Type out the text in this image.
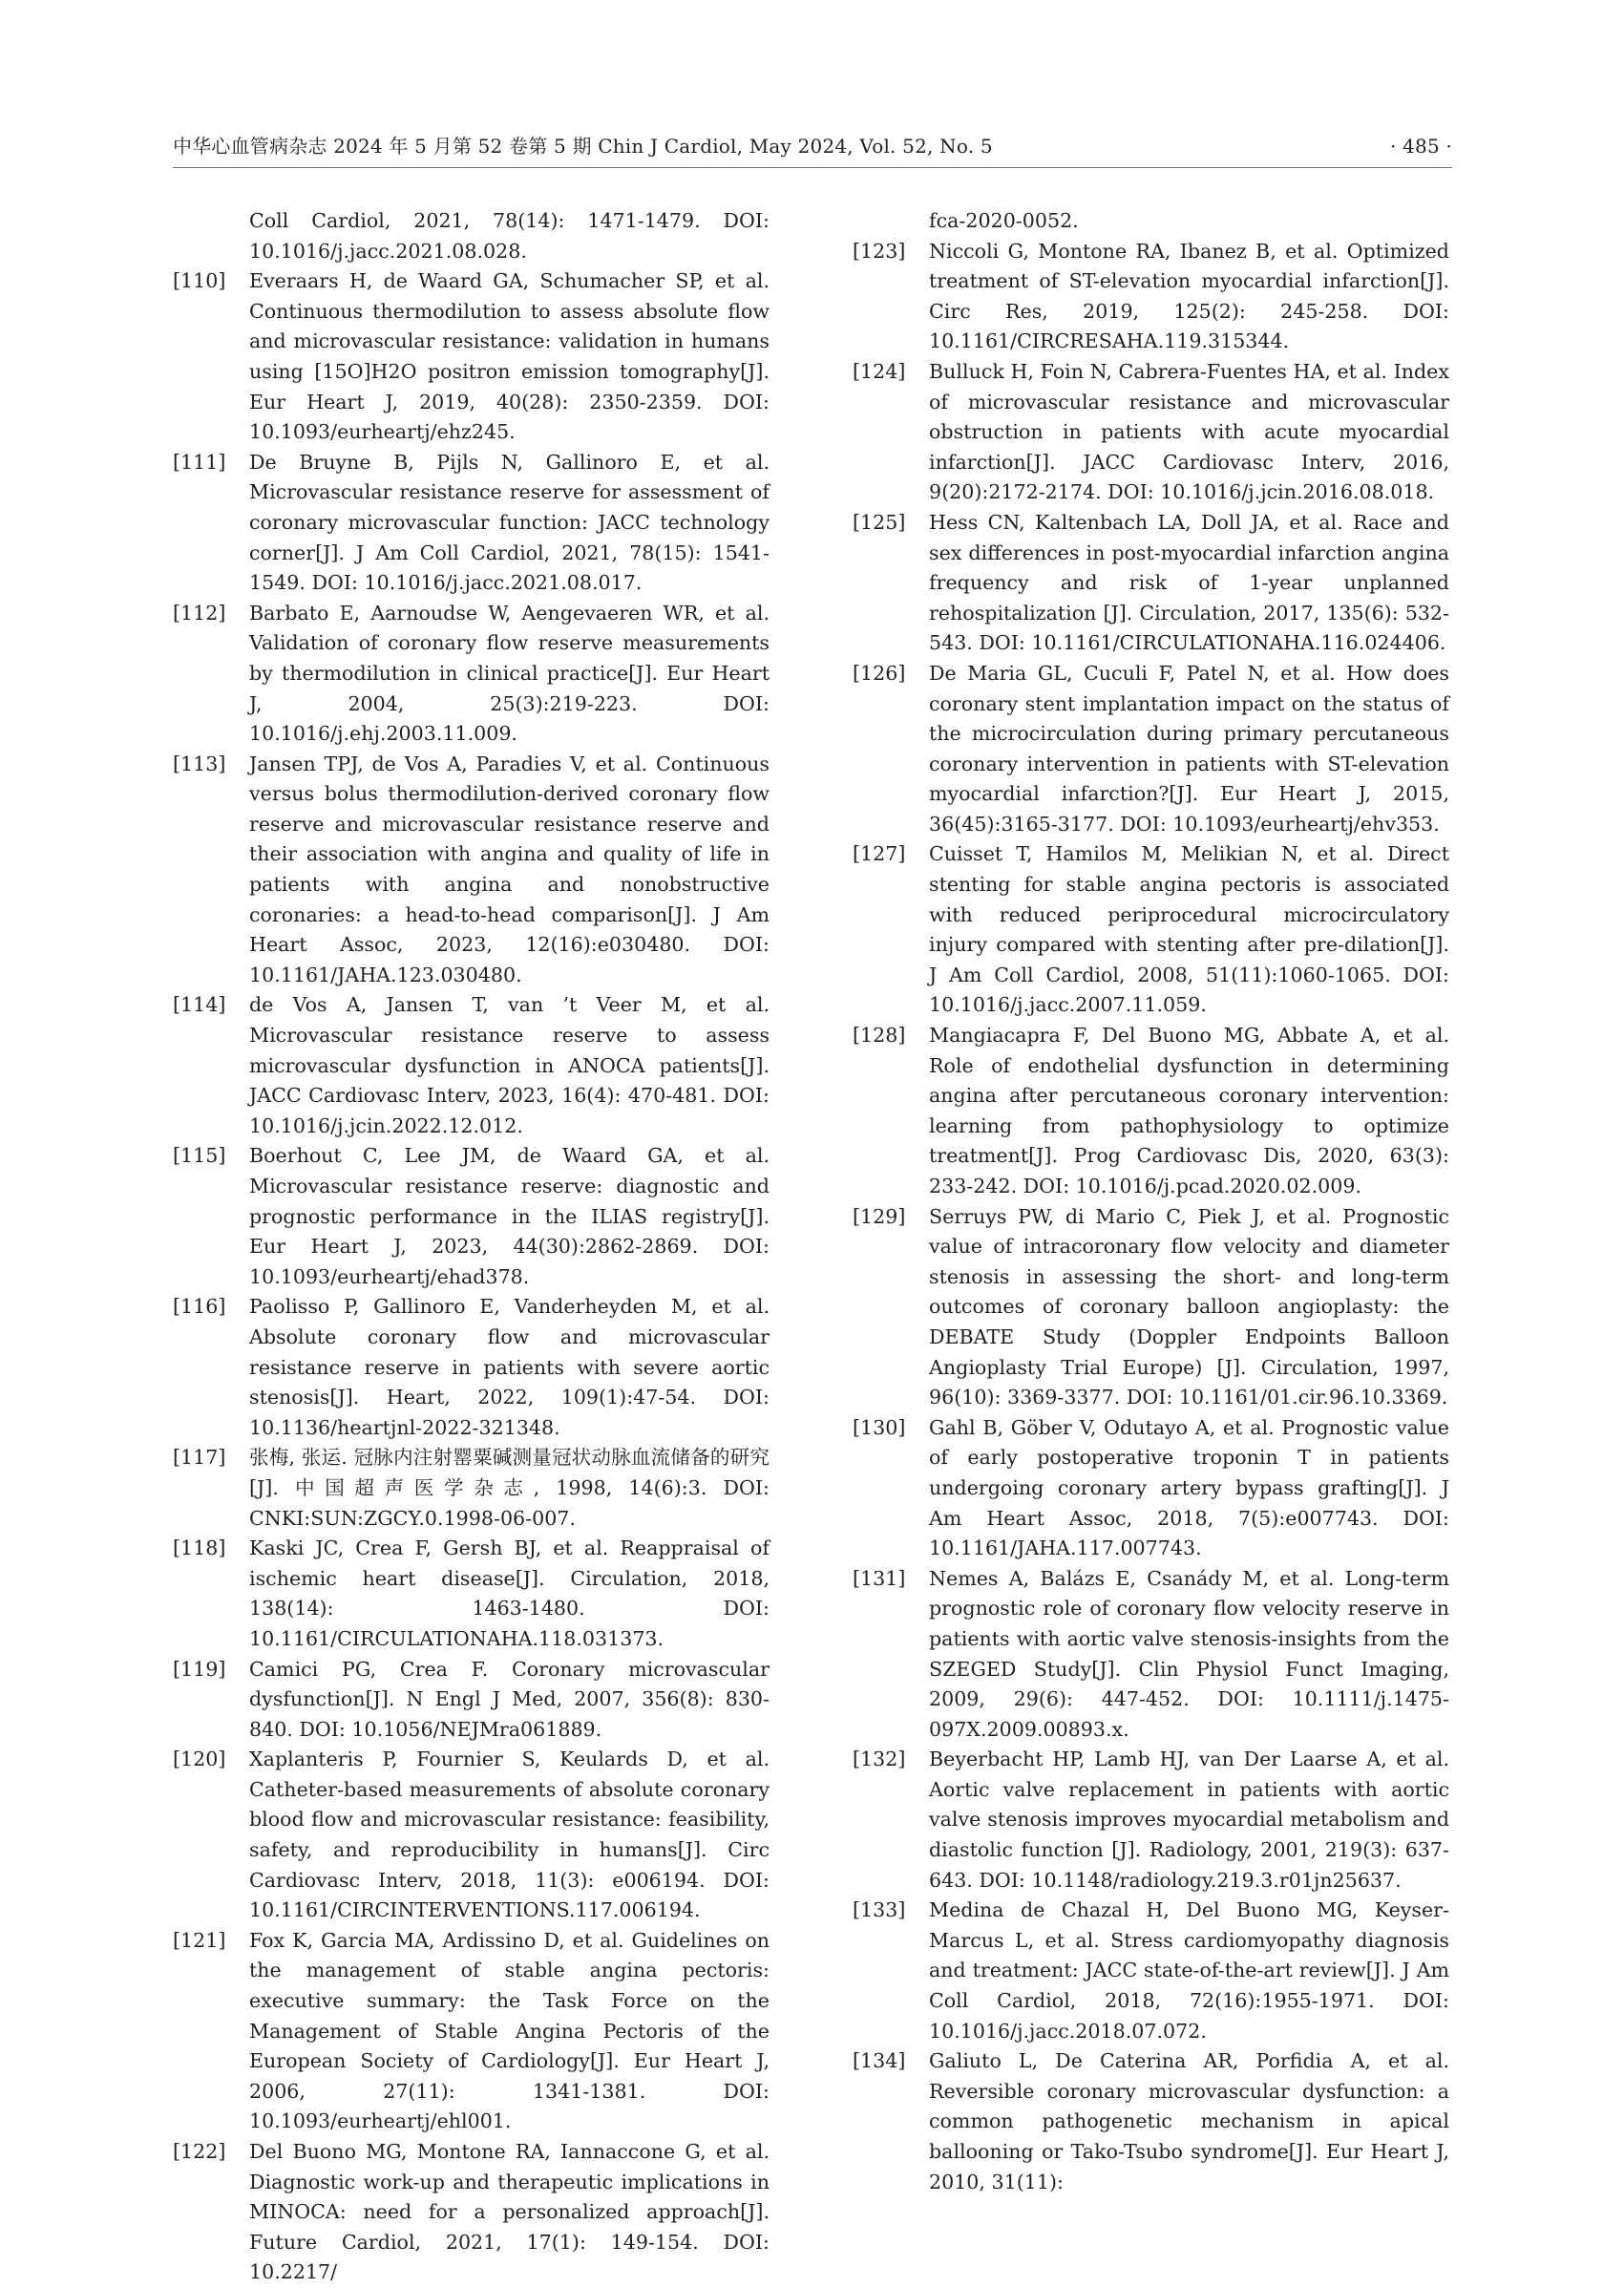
中华心血管病杂志 2024 年 5 月第 52 卷第 5 期 Chin J Cardiol, May 2024, Vol. 52, No. 5	· 485 ·
Coll Cardiol, 2021, 78(14): 1471-1479. DOI: 10.1016/j.jacc.2021.08.028.
[110] Everaars H, de Waard GA, Schumacher SP, et al. Continuous thermodilution to assess absolute flow and microvascular resistance: validation in humans using [15O]H2O positron emission tomography[J]. Eur Heart J, 2019, 40(28): 2350-2359. DOI: 10.1093/eurheartj/ehz245.
[111] De Bruyne B, Pijls N, Gallinoro E, et al. Microvascular resistance reserve for assessment of coronary microvascular function: JACC technology corner[J]. J Am Coll Cardiol, 2021, 78(15): 1541-1549. DOI: 10.1016/j.jacc.2021.08.017.
[112] Barbato E, Aarnoudse W, Aengevaeren WR, et al. Validation of coronary flow reserve measurements by thermodilution in clinical practice[J]. Eur Heart J, 2004, 25(3):219-223. DOI: 10.1016/j.ehj.2003.11.009.
[113] Jansen TPJ, de Vos A, Paradies V, et al. Continuous versus bolus thermodilution-derived coronary flow reserve and microvascular resistance reserve and their association with angina and quality of life in patients with angina and nonobstructive coronaries: a head-to-head comparison[J]. J Am Heart Assoc, 2023, 12(16):e030480. DOI: 10.1161/JAHA.123.030480.
[114] de Vos A, Jansen T, van ’t Veer M, et al. Microvascular resistance reserve to assess microvascular dysfunction in ANOCA patients[J]. JACC Cardiovasc Interv, 2023, 16(4): 470-481. DOI: 10.1016/j.jcin.2022.12.012.
[115] Boerhout C, Lee JM, de Waard GA, et al. Microvascular resistance reserve: diagnostic and prognostic performance in the ILIAS registry[J]. Eur Heart J, 2023, 44(30):2862-2869. DOI: 10.1093/eurheartj/ehad378.
[116] Paolisso P, Gallinoro E, Vanderheyden M, et al. Absolute coronary flow and microvascular resistance reserve in patients with severe aortic stenosis[J]. Heart, 2022, 109(1):47-54. DOI: 10.1136/heartjnl-2022-321348.
[117] 张梅, 张运. 冠脉内注射罂粟碱测量冠状动脉血流储备的研究[J]. 中国超声医学杂志, 1998, 14(6):3. DOI: CNKI:SUN:ZGCY.0.1998-06-007.
[118] Kaski JC, Crea F, Gersh BJ, et al. Reappraisal of ischemic heart disease[J]. Circulation, 2018, 138(14): 1463-1480. DOI: 10.1161/CIRCULATIONAHA.118.031373.
[119] Camici PG, Crea F. Coronary microvascular dysfunction[J]. N Engl J Med, 2007, 356(8): 830-840. DOI: 10.1056/NEJMra061889.
[120] Xaplanteris P, Fournier S, Keulards D, et al. Catheter-based measurements of absolute coronary blood flow and microvascular resistance: feasibility, safety, and reproducibility in humans[J]. Circ Cardiovasc Interv, 2018, 11(3): e006194. DOI: 10.1161/CIRCINTERVENTIONS.117.006194.
[121] Fox K, Garcia MA, Ardissino D, et al. Guidelines on the management of stable angina pectoris: executive summary: the Task Force on the Management of Stable Angina Pectoris of the European Society of Cardiology[J]. Eur Heart J, 2006, 27(11): 1341-1381. DOI: 10.1093/eurheartj/ehl001.
[122] Del Buono MG, Montone RA, Iannaccone G, et al. Diagnostic work-up and therapeutic implications in MINOCA: need for a personalized approach[J]. Future Cardiol, 2021, 17(1): 149-154. DOI: 10.2217/
fca-2020-0052.
[123] Niccoli G, Montone RA, Ibanez B, et al. Optimized treatment of ST-elevation myocardial infarction[J]. Circ Res, 2019, 125(2): 245-258. DOI: 10.1161/CIRCRESAHA.119.315344.
[124] Bulluck H, Foin N, Cabrera-Fuentes HA, et al. Index of microvascular resistance and microvascular obstruction in patients with acute myocardial infarction[J]. JACC Cardiovasc Interv, 2016, 9(20):2172-2174. DOI: 10.1016/j.jcin.2016.08.018.
[125] Hess CN, Kaltenbach LA, Doll JA, et al. Race and sex differences in post-myocardial infarction angina frequency and risk of 1-year unplanned rehospitalization [J]. Circulation, 2017, 135(6): 532-543. DOI: 10.1161/CIRCULATIONAHA.116.024406.
[126] De Maria GL, Cuculi F, Patel N, et al. How does coronary stent implantation impact on the status of the microcirculation during primary percutaneous coronary intervention in patients with ST-elevation myocardial infarction?[J]. Eur Heart J, 2015, 36(45):3165-3177. DOI: 10.1093/eurheartj/ehv353.
[127] Cuisset T, Hamilos M, Melikian N, et al. Direct stenting for stable angina pectoris is associated with reduced periprocedural microcirculatory injury compared with stenting after pre-dilation[J]. J Am Coll Cardiol, 2008, 51(11):1060-1065. DOI: 10.1016/j.jacc.2007.11.059.
[128] Mangiacapra F, Del Buono MG, Abbate A, et al. Role of endothelial dysfunction in determining angina after percutaneous coronary intervention: learning from pathophysiology to optimize treatment[J]. Prog Cardiovasc Dis, 2020, 63(3): 233-242. DOI: 10.1016/j.pcad.2020.02.009.
[129] Serruys PW, di Mario C, Piek J, et al. Prognostic value of intracoronary flow velocity and diameter stenosis in assessing the short- and long-term outcomes of coronary balloon angioplasty: the DEBATE Study (Doppler Endpoints Balloon Angioplasty Trial Europe) [J]. Circulation, 1997, 96(10): 3369-3377. DOI: 10.1161/01.cir.96.10.3369.
[130] Gahl B, Göber V, Odutayo A, et al. Prognostic value of early postoperative troponin T in patients undergoing coronary artery bypass grafting[J]. J Am Heart Assoc, 2018, 7(5):e007743. DOI: 10.1161/JAHA.117.007743.
[131] Nemes A, Balázs E, Csanády M, et al. Long-term prognostic role of coronary flow velocity reserve in patients with aortic valve stenosis-insights from the SZEGED Study[J]. Clin Physiol Funct Imaging, 2009, 29(6): 447-452. DOI: 10.1111/j.1475-097X.2009.00893.x.
[132] Beyerbacht HP, Lamb HJ, van Der Laarse A, et al. Aortic valve replacement in patients with aortic valve stenosis improves myocardial metabolism and diastolic function [J]. Radiology, 2001, 219(3): 637-643. DOI: 10.1148/radiology.219.3.r01jn25637.
[133] Medina de Chazal H, Del Buono MG, Keyser-Marcus L, et al. Stress cardiomyopathy diagnosis and treatment: JACC state-of-the-art review[J]. J Am Coll Cardiol, 2018, 72(16):1955-1971. DOI: 10.1016/j.jacc.2018.07.072.
[134] Galiuto L, De Caterina AR, Porfidia A, et al. Reversible coronary microvascular dysfunction: a common pathogenetic mechanism in apical ballooning or Tako-Tsubo syndrome[J]. Eur Heart J, 2010, 31(11):
